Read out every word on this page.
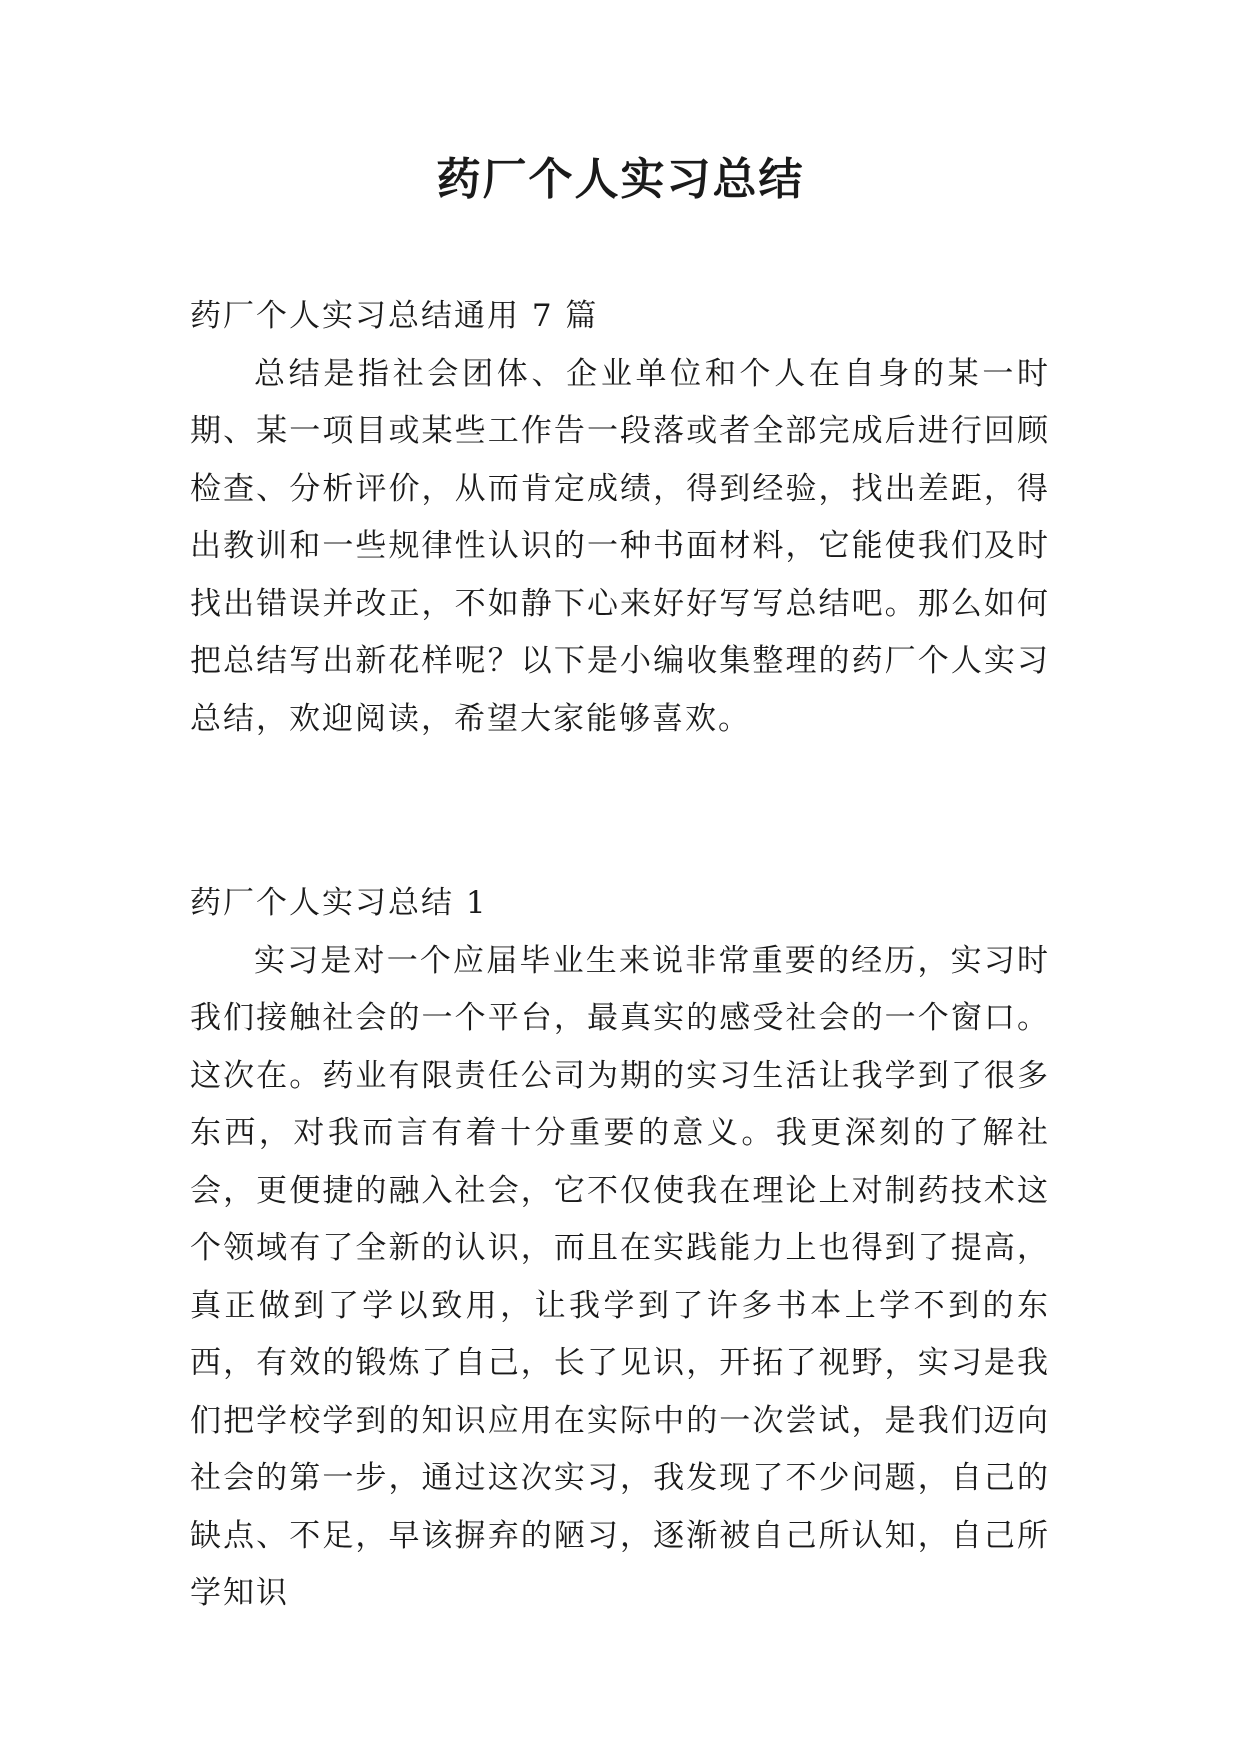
药厂个人实习总结

药厂个人实习总结通用 7 篇

总结是指社会团体、企业单位和个人在自身的某一时期、某一项目或某些工作告一段落或者全部完成后进行回顾检查、分析评价，从而肯定成绩，得到经验，找出差距，得出教训和一些规律性认识的一种书面材料，它能使我们及时找出错误并改正，不如静下心来好好写写总结吧。那么如何把总结写出新花样呢？以下是小编收集整理的药厂个人实习总结，欢迎阅读，希望大家能够喜欢。

药厂个人实习总结 1

实习是对一个应届毕业生来说非常重要的经历，实习时我们接触社会的一个平台，最真实的感受社会的一个窗口。这次在。药业有限责任公司为期的实习生活让我学到了很多东西，对我而言有着十分重要的意义。我更深刻的了解社会，更便捷的融入社会，它不仅使我在理论上对制药技术这个领域有了全新的认识，而且在实践能力上也得到了提高，真正做到了学以致用，让我学到了许多书本上学不到的东西，有效的锻炼了自己，长了见识，开拓了视野，实习是我们把学校学到的知识应用在实际中的一次尝试，是我们迈向社会的第一步，通过这次实习，我发现了不少问题，自己的缺点、不足，早该摒弃的陋习，逐渐被自己所认知，自己所学知识
